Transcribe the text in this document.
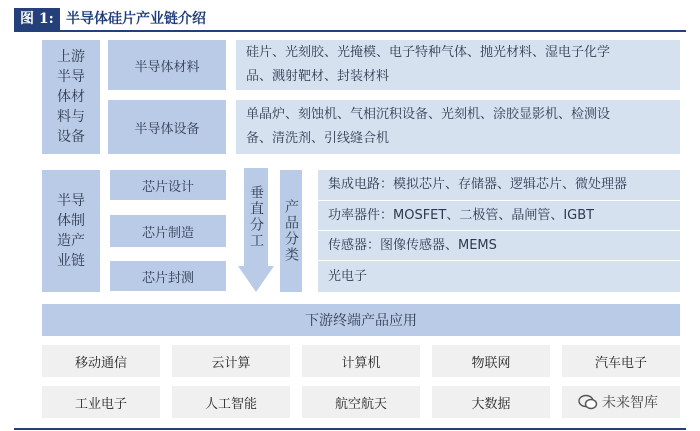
图 1: 半导体硅片产业链介绍
上游
半导
体材
料与
设备
半导体材料
硅片、光刻胶、光掩模、电子特种气体、抛光材料、湿电子化学
品、溅射靶材、封装材料
半导体设备
单晶炉、刻蚀机、气相沉积设备、光刻机、涂胶显影机、检测设
备、清洗剂、引线缝合机
半导
体制
造产
业链
芯片设计
芯片制造
芯片封测
垂直分工	产品分类
集成电路：模拟芯片、存储器、逻辑芯片、微处理器
功率器件：MOSFET、二极管、晶闸管、IGBT
传感器：图像传感器、MEMS
光电子
下游终端产品应用
移动通信	云计算	计算机	物联网	汽车电子
工业电子	人工智能	航空航天	大数据	未来智库
